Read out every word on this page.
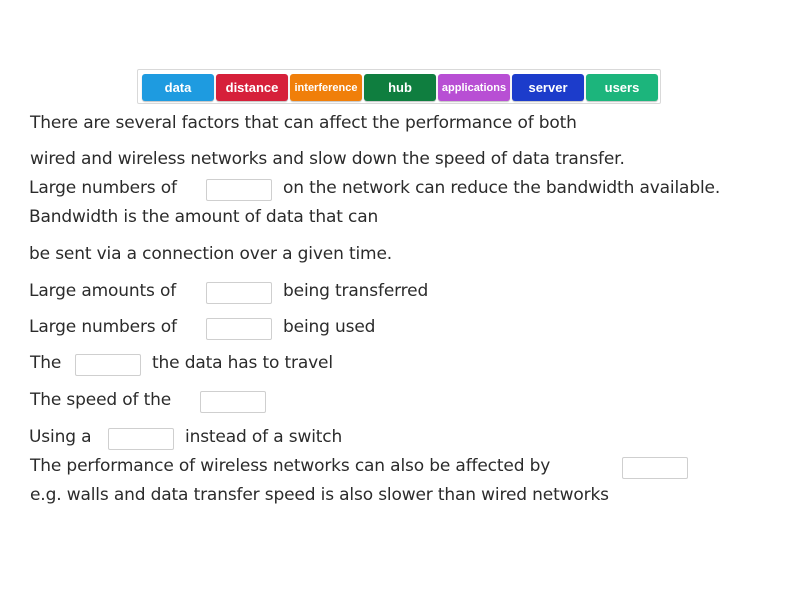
data	distance interference hub	applications server	users
There are several factors that can affect the performance of both
wired and wireless networks and slow down the speed of data transfer.
Large numbers of	on the network can reduce the bandwidth available.
Bandwidth is the amount of data that can
be sent via a connection over a given time.
Large amounts of	being transferred
Large numbers of	being used
The	the data has to travel
The speed of the
Using a	instead of a switch
The performance of wireless networks can also be affected by
e.g. walls and data transfer speed is also slower than wired networks
